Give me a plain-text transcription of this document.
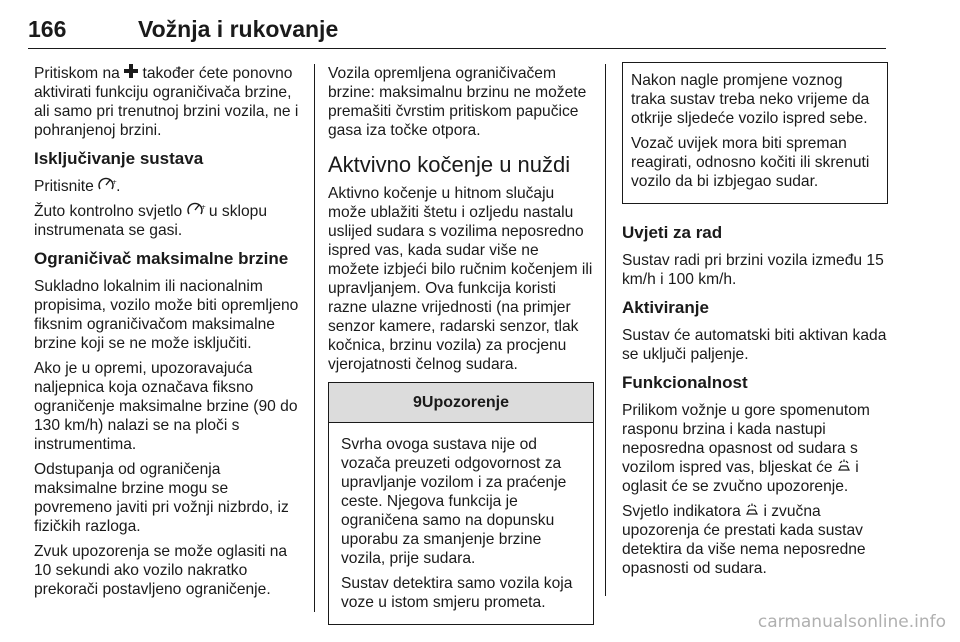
166	Vožnja i rukovanje

Pritiskom na također ćete ponovno aktivirati funkciju ograničivača brzine, ali samo pri trenutnoj brzini vozila, ne i pohranjenoj brzini.

Isključivanje sustava

Pritisnite	+
.

Žuto kontrolno svjetlo	+ u sklopu instrumenata se gasi.

Ograničivač maksimalne brzine

Sukladno lokalnim ili nacionalnim propisima, vozilo može biti opremljeno fiksnim ograničivačom maksimalne brzine koji se ne može isključiti.

Ako je u opremi, upozoravajuća naljepnica koja označava fiksno ograničenje maksimalne brzine (90 do 130 km/h) nalazi se na ploči s instrumentima.

Odstupanja od ograničenja maksimalne brzine mogu se povremeno javiti pri vožnji nizbrdo, iz fizičkih razloga.

Zvuk upozorenja se može oglasiti na 10 sekundi ako vozilo nakratko prekorači postavljeno ograničenje.

Vozila opremljena ograničivačem brzine: maksimalnu brzinu ne možete premašiti čvrstim pritiskom papučice gasa iza točke otpora.

Aktvivno kočenje u nuždi

Aktivno kočenje u hitnom slučaju može ublažiti štetu i ozljedu nastalu uslijed sudara s vozilima neposredno ispred vas, kada sudar više ne možete izbjeći bilo ručnim kočenjem ili upravljanjem. Ova funkcija koristi razne ulazne vrijednosti (na primjer senzor kamere, radarski senzor, tlak kočnica, brzinu vozila) za procjenu vjerojatnosti čelnog sudara.

9Upozorenje

Svrha ovoga sustava nije od vozača preuzeti odgovornost za upravljanje vozilom i za praćenje ceste. Njegova funkcija je ograničena samo na dopunsku uporabu za smanjenje brzine vozila, prije sudara.

Sustav detektira samo vozila koja voze u istom smjeru prometa.

Nakon nagle promjene voznog traka sustav treba neko vrijeme da otkrije sljedeće vozilo ispred sebe.

Vozač uvijek mora biti spreman reagirati, odnosno kočiti ili skrenuti vozilo da bi izbjegao sudar.

Uvjeti za rad

Sustav radi pri brzini vozila između 15 km/h i 100 km/h.

Aktiviranje

Sustav će automatski biti aktivan kada se uključi paljenje.

Funkcionalnost

Prilikom vožnje u gore spomenutom rasponu brzina i kada nastupi neposredna opasnost od sudara s vozilom ispred vas, bljeskat će i oglasit će se zvučno upozorenje.

Svjetlo indikatora i zvučna upozorenja će prestati kada sustav detektira da više nema neposredne opasnosti od sudara.

carmanualsonline.info
